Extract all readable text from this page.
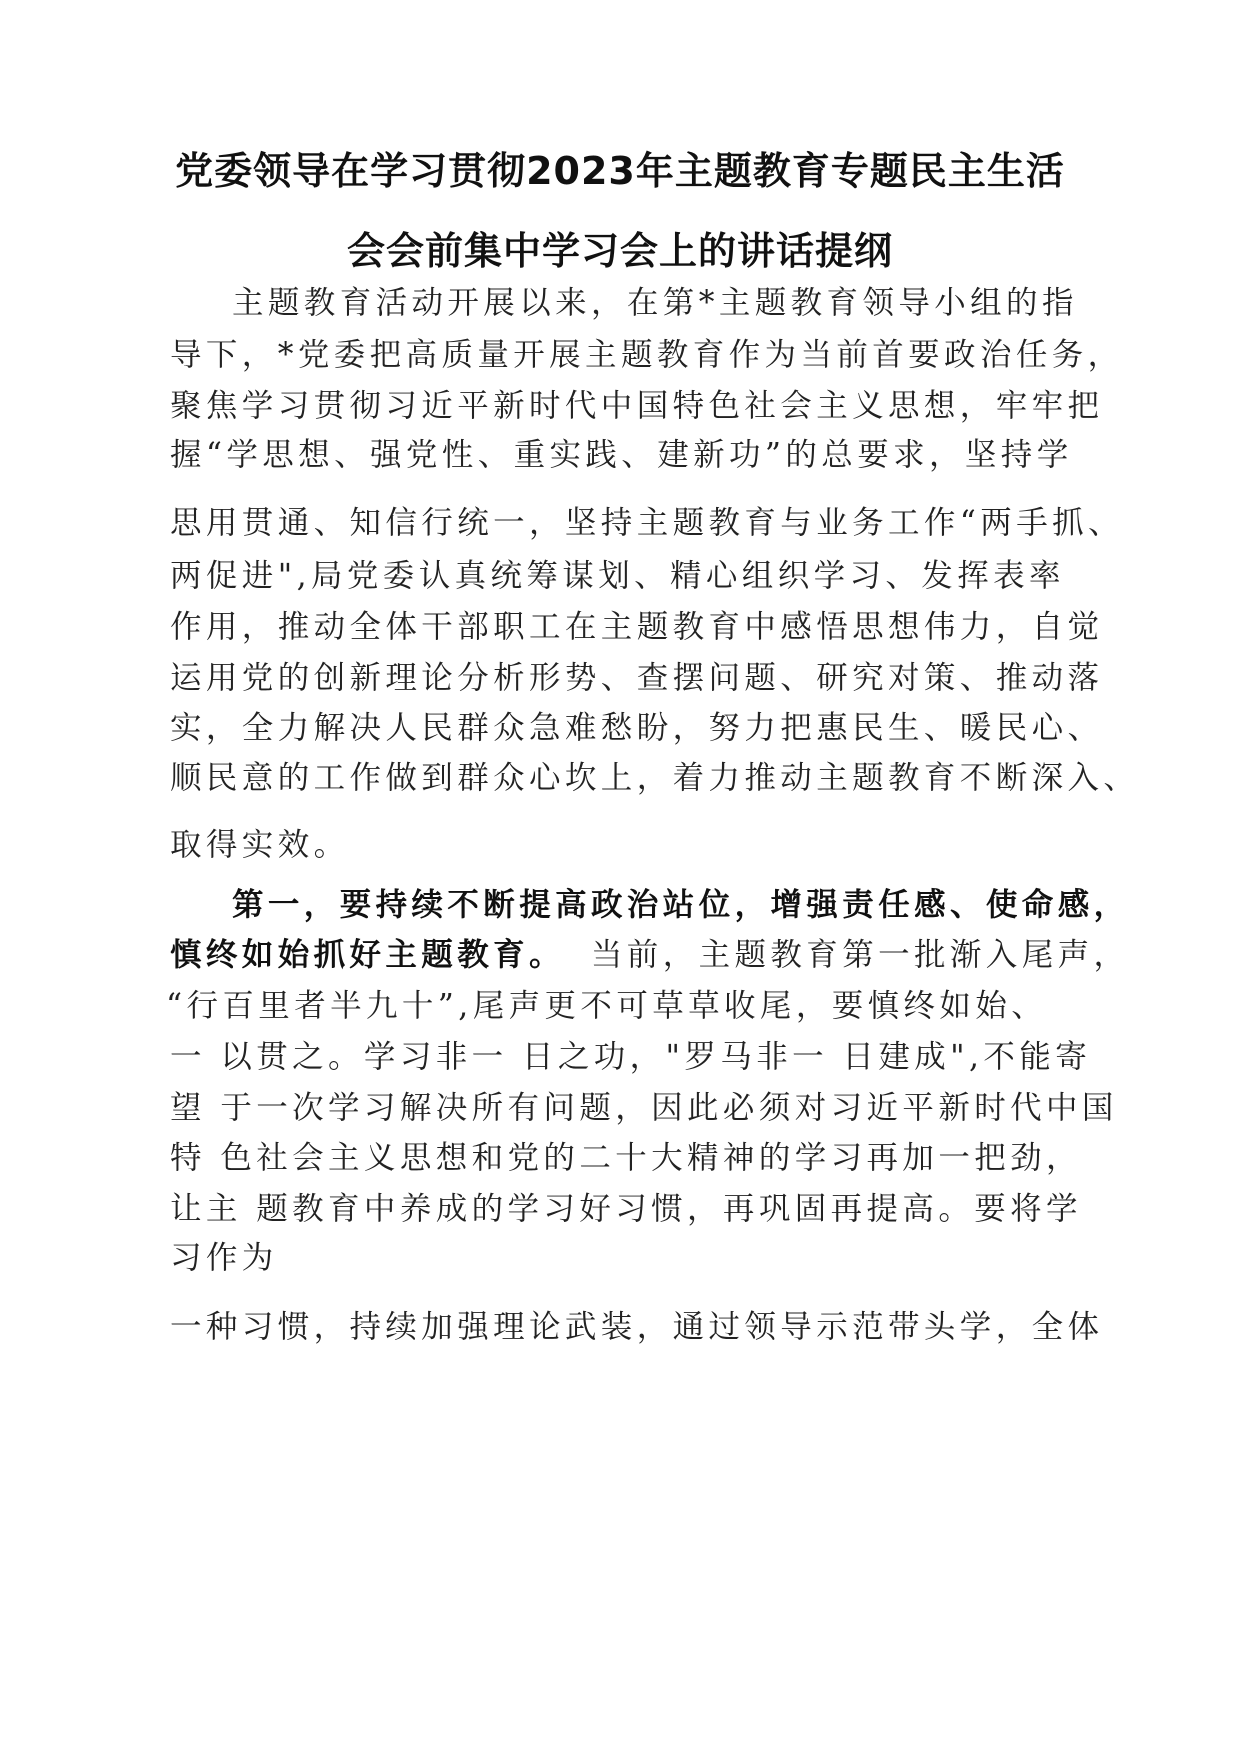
党委领导在学习贯彻2023年主题教育专题民主生活
会会前集中学习会上的讲话提纲
主题教育活动开展以来，在第*主题教育领导小组的指
导下，*党委把高质量开展主题教育作为当前首要政治任务，
聚焦学习贯彻习近平新时代中国特色社会主义思想，牢牢把
握“学思想、强党性、重实践、建新功”的总要求，坚持学
思用贯通、知信行统一，坚持主题教育与业务工作“两手抓、
两促进",局党委认真统筹谋划、精心组织学习、发挥表率
作用，推动全体干部职工在主题教育中感悟思想伟力，自觉
运用党的创新理论分析形势、查摆问题、研究对策、推动落
实，全力解决人民群众急难愁盼，努力把惠民生、暖民心、
顺民意的工作做到群众心坎上，着力推动主题教育不断深入、
取得实效。
第一，要持续不断提高政治站位，增强责任感、使命感，
慎终如始抓好主题教育。 当前，主题教育第一批渐入尾声，
“行百里者半九十”,尾声更不可草草收尾，要慎终如始、
一 以贯之。学习非一 日之功，"罗马非一 日建成",不能寄
望 于一次学习解决所有问题，因此必须对习近平新时代中国
特 色社会主义思想和党的二十大精神的学习再加一把劲，
让主 题教育中养成的学习好习惯，再巩固再提高。要将学
习作为
一种习惯，持续加强理论武装，通过领导示范带头学，全体
